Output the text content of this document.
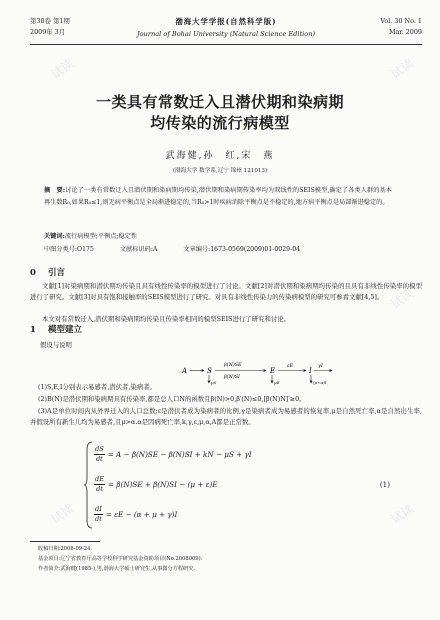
第30卷 第1期
2009年 3月
渤海大学学报(自然科学版)
Journal of Bohai University (Natural Science Edition)
Vol. 30 No. 1
Mar. 2009
一类具有常数迁入且潜伏期和染病期
均传染的流行病模型
武海健,孙　红,宋　燕
(渤海大学 数学系,辽宁 锦州 121013)
摘　要:讨论了一类有常数迁入且潜伏期和染病期均传染,潜伏期和染病期传染率均为双线性的SEIS模型,确定了各类人群的基本再生数R₀,如果R₀≤1,则无病平衡点是全局渐进稳定的,当R₀>1时疾病消除平衡点是不稳定的,地方病平衡点是局部渐进稳定的。
关键词:流行病模型;平衡点;稳定性
中图分类号:O175	文献标识码:A	文章编号:1673-0569(2009)01-0029-04
0 引言
文献[1]对染病期和潜伏期均传染且具有线性传染率的模型进行了讨论。文献[2]对潜伏期和染病期均传染的且具有非线性传染率的模型进行了研究。文献[3]对具有饱和接触率的SEIS模型进行了研究。对具有非线性传染力的传染病模型的研究可参看文献[4,5]。
本文对有常数迁入,潜伏期和染病期均传染且传染率相同的模型SEIS进行了研究和讨论。
1 模型建立
假设与说明
A	S
β(N)SE
β(N)SI
μS
E
εE
μE
I
γI
(μ+α)I
(1)S,E,I分别表示易感者,潜伏者,染病者。
(2)B(N)是潜伏期和染病期具有传染率,都是总人口N的函数且β(N)>0,β′(N)≤0,[β(N)N]′≥0。
(3)A是单位时间内从外界迁入的人口总数;ε是潜伏者成为染病者的比例,γ是染病者成为易感者的恢复率,μ是自然死亡率,α是自然出生率,并假设所有新生儿均为易感者,且μ>α.α是因病死亡率,k,γ,ε,μ,α,A都是正常数。
$\frac{dS}{dt} = A - \beta(N)SE - \beta(N)SI$ + kN − μS + γI
$\frac{dE}{dt} = \beta(N)SE + \beta(N)SI - (\mu + \varepsilon)E$
$\frac{dI}{dt} = \varepsilon E - (\alpha + \mu + \gamma)I$
(1)
收稿日期:2008-09-24.
基金项目:辽宁省教育厅高等学校科学研究基金资助项目(No.2008009).
作者简介:武海健(1985-),男,渤海大学硕士研究生,从事微分方程研究.
试读	试读
试读
试读	试读
